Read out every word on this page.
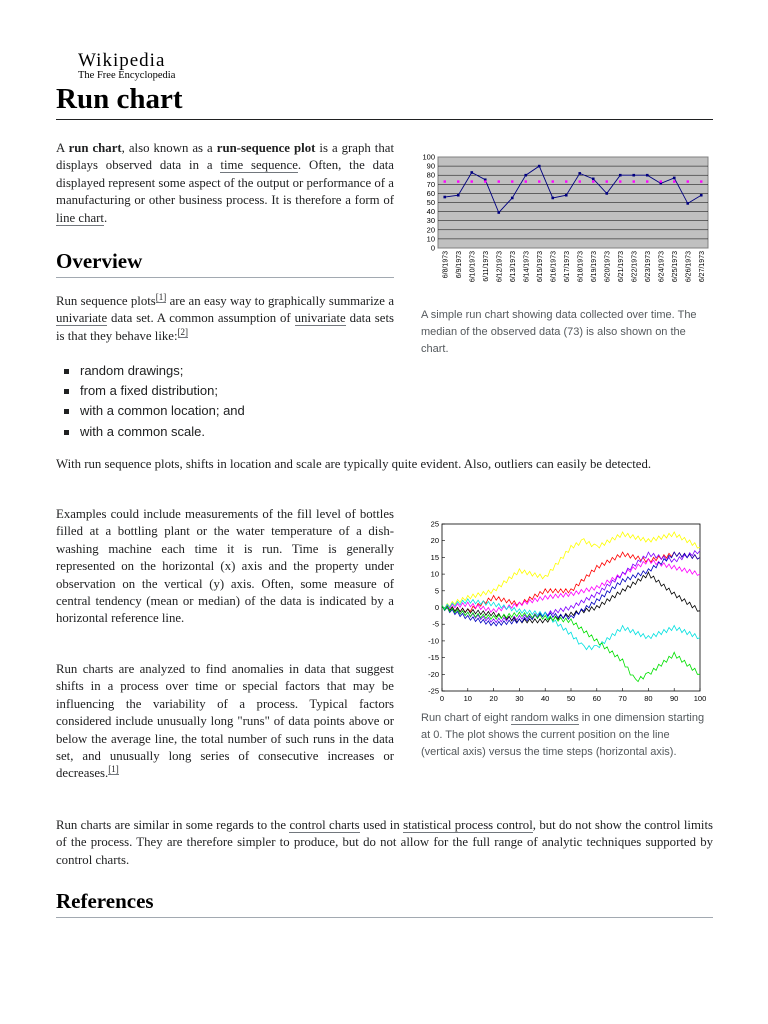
Wikipedia
The Free Encyclopedia
Run chart

A run chart, also known as a run-sequence plot is a graph that displays observed data in a time sequence. Often, the data displayed represent some aspect of the output or performance of a manufacturing or other business process. It is therefore a form of line chart.

Overview

Run sequence plots[1] are an easy way to graphically summarize a univariate data set. A common assumption of univariate data sets is that they behave like:[2]

random drawings;
from a fixed distribution;
with a common location; and
with a common scale.

With run sequence plots, shifts in location and scale are typically quite evident. Also, outliers can easily be detected.

Examples could include measurements of the fill level of bottles filled at a bottling plant or the water temperature of a dish-washing machine each time it is run. Time is generally represented on the horizontal (x) axis and the property under observation on the vertical (y) axis. Often, some measure of central tendency (mean or median) of the data is indicated by a horizontal reference line.

Run charts are analyzed to find anomalies in data that suggest shifts in a process over time or special factors that may be influencing the variability of a process. Typical factors considered include unusually long "runs" of data points above or below the average line, the total number of such runs in the data set, and unusually long series of consecutive increases or decreases.[1]

Run charts are similar in some regards to the control charts used in statistical process control, but do not show the control limits of the process. They are therefore simpler to produce, but do not allow for the full range of analytic techniques supported by control charts.

References
0
10
20
30
40
50
60
70
80
90
100
6/8/1973 6/9/1973 6/10/1973 6/11/1973 6/12/1973 6/13/1973 6/14/1973 6/15/1973 6/16/1973 6/17/1973 6/18/1973 6/19/1973 6/20/1973 6/21/1973 6/22/1973 6/23/1973 6/24/1973 6/25/1973 6/26/1973 6/27/1973
A simple run chart showing data collected over time. The median of the observed data (73) is also shown on the chart.
25
20
15
10
5
0
-5
-10
-15
-20
-25
0	10 20 30 40 50 60 70 80 90 100
Run chart of eight random walks in one dimension starting at 0. The plot shows the current position on the line (vertical axis) versus the time steps (horizontal axis).
